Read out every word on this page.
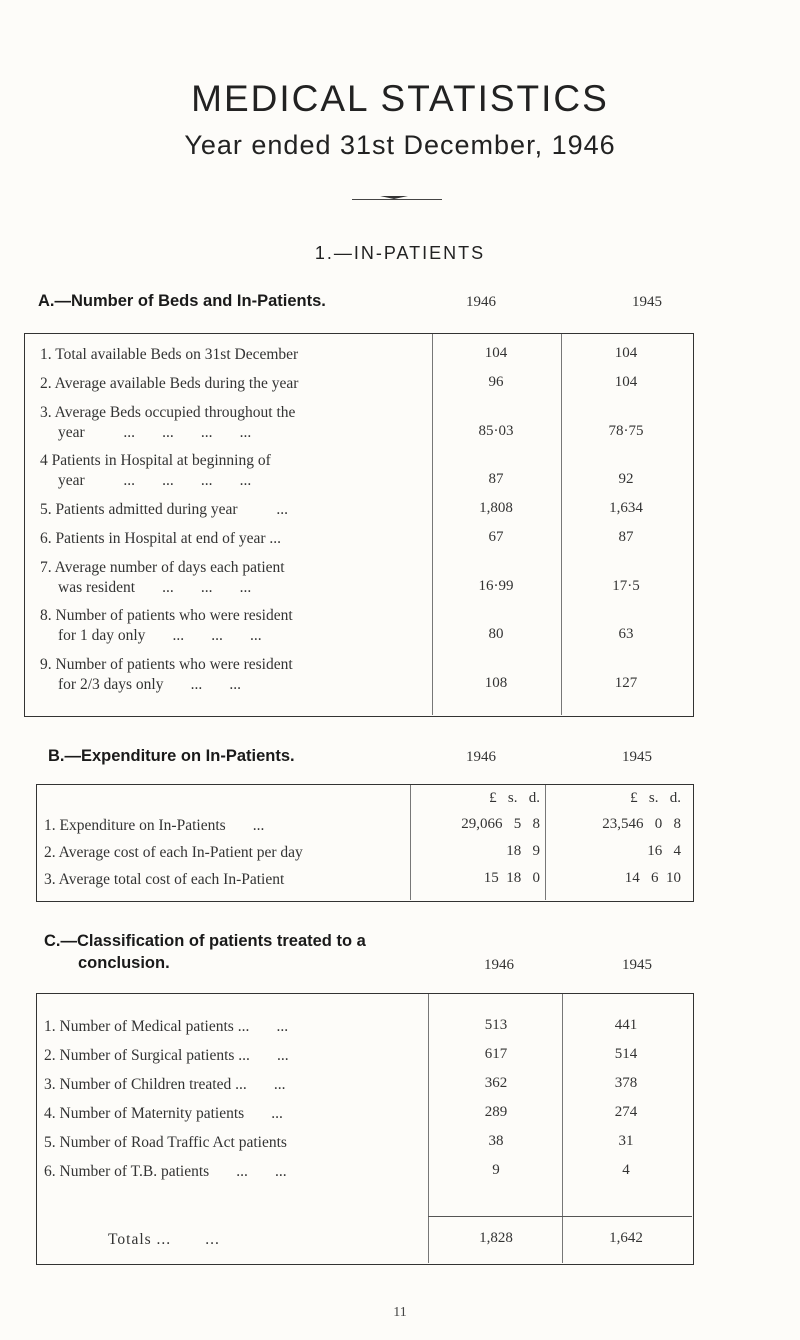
MEDICAL STATISTICS
Year ended 31st December, 1946
1.—IN-PATIENTS
A.—Number of Beds and In-Patients.	1946	1945
1. Total available Beds on 31st December	104	104
2. Average available Beds during the year	96	104
3. Average Beds occupied throughout the
year          ...       ...       ...       ...	85·03	78·75
4 Patients in Hospital at beginning of
year          ...       ...       ...       ...	87	92
5. Patients admitted during year          ...	1,808	1,634
6. Patients in Hospital at end of year ...	67	87
7. Average number of days each patient
was resident       ...       ...       ...	16·99	17·5
8. Number of patients who were resident
for 1 day only       ...       ...       ...	80	63
9. Number of patients who were resident
for 2/3 days only       ...       ...	108	127
B.—Expenditure on In-Patients.	1946	1945
£   s.   d.	£   s.   d.
1. Expenditure on In-Patients       ...	29,066   5   8	23,546   0   8
2. Average cost of each In-Patient per day	18   9	16   4
3. Average total cost of each In-Patient	15  18   0	14   6  10
C.—Classification of patients treated to a
conclusion.	1946	1945
1. Number of Medical patients ...       ...	513	441
2. Number of Surgical patients ...       ...	617	514
3. Number of Children treated ...       ...	362	378
4. Number of Maternity patients       ...	289	274
5. Number of Road Traffic Act patients	38	31
6. Number of T.B. patients       ...       ...	9	4
Totals ...       ...	1,828	1,642
11
